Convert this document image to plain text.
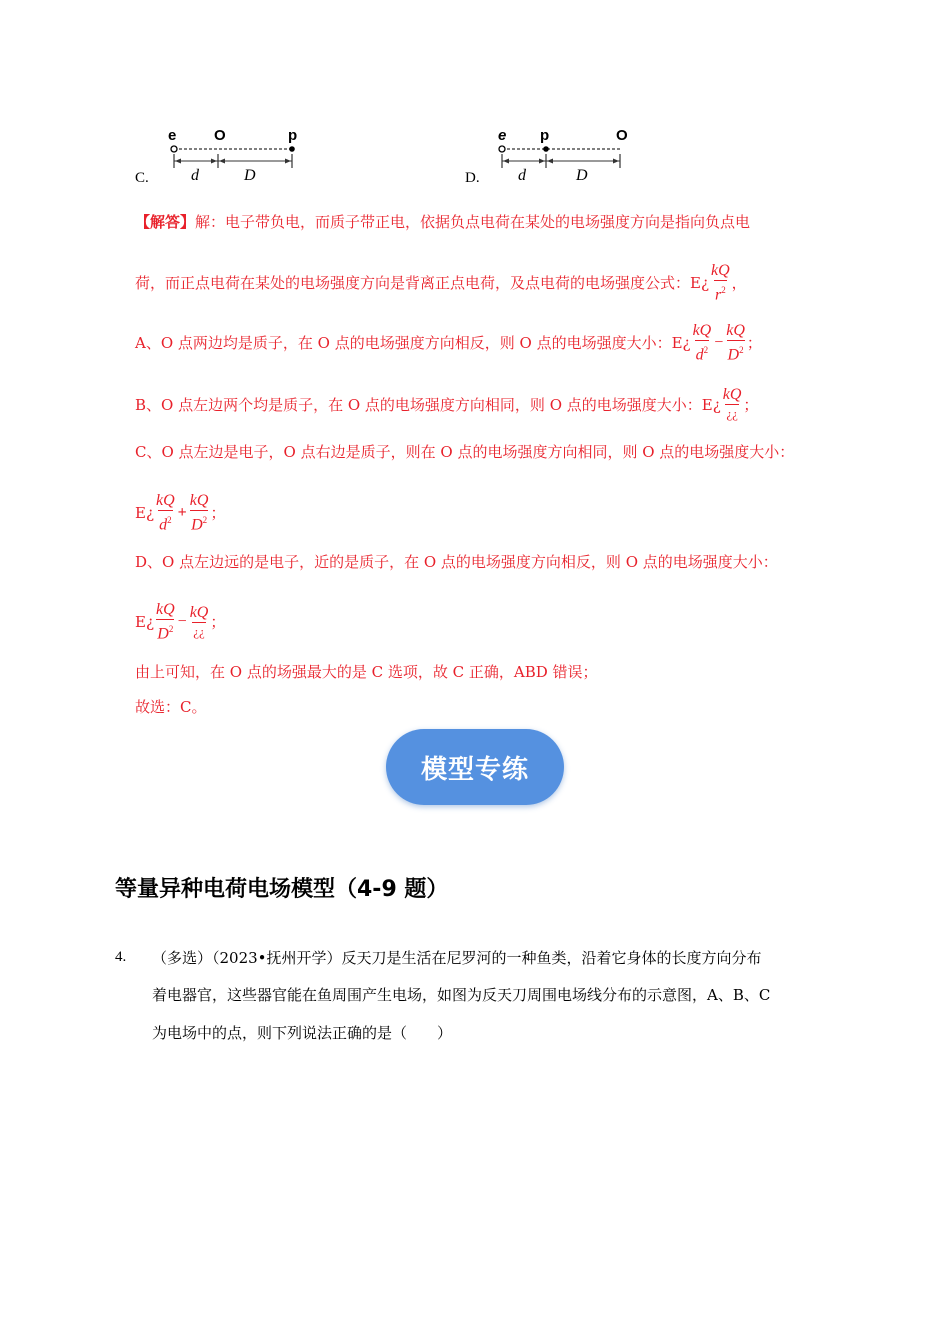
C.
e	O	p
d	D	D.
e p	O
d	D
【解答】解：电子带负电，而质子带正电，依据负点电荷在某处的电场强度方向是指向负点电
荷，而正点电荷在某处的电场强度方向是背离正点电荷，及点电荷的电场强度公式：E¿ $\frac{kQ}{r^2}$ ，
A、O 点两边均是质子，在 O 点的电场强度方向相反，则 O 点的电场强度大小：E¿ $\frac{kQ}{d^2} - \frac{kQ}{D^2}$ ；
B、O 点左边两个均是质子，在 O 点的电场强度方向相同，则 O 点的电场强度大小：E¿ $\frac{kQ}{¿¿}$ ；
C、O 点左边是电子，O 点右边是质子，则在 O 点的电场强度方向相同，则 O 点的电场强度大小：
E¿ $\frac{kQ}{d^2} + \frac{kQ}{D^2}$ ；
D、O 点左边远的是电子，近的是质子，在 O 点的电场强度方向相反，则 O 点的电场强度大小：
E¿ $\frac{kQ}{D^2} - \frac{kQ}{¿¿}$ ；
由上可知，在 O 点的场强最大的是 C 选项，故 C 正确，ABD 错误；
故选：C。
模型专练
等量异种电荷电场模型（4-9 题）
4. （多选）（2023•抚州开学）反天刀是生活在尼罗河的一种鱼类，沿着它身体的长度方向分布
着电器官，这些器官能在鱼周围产生电场，如图为反天刀周围电场线分布的示意图，A、B、C
为电场中的点，则下列说法正确的是（　　）
